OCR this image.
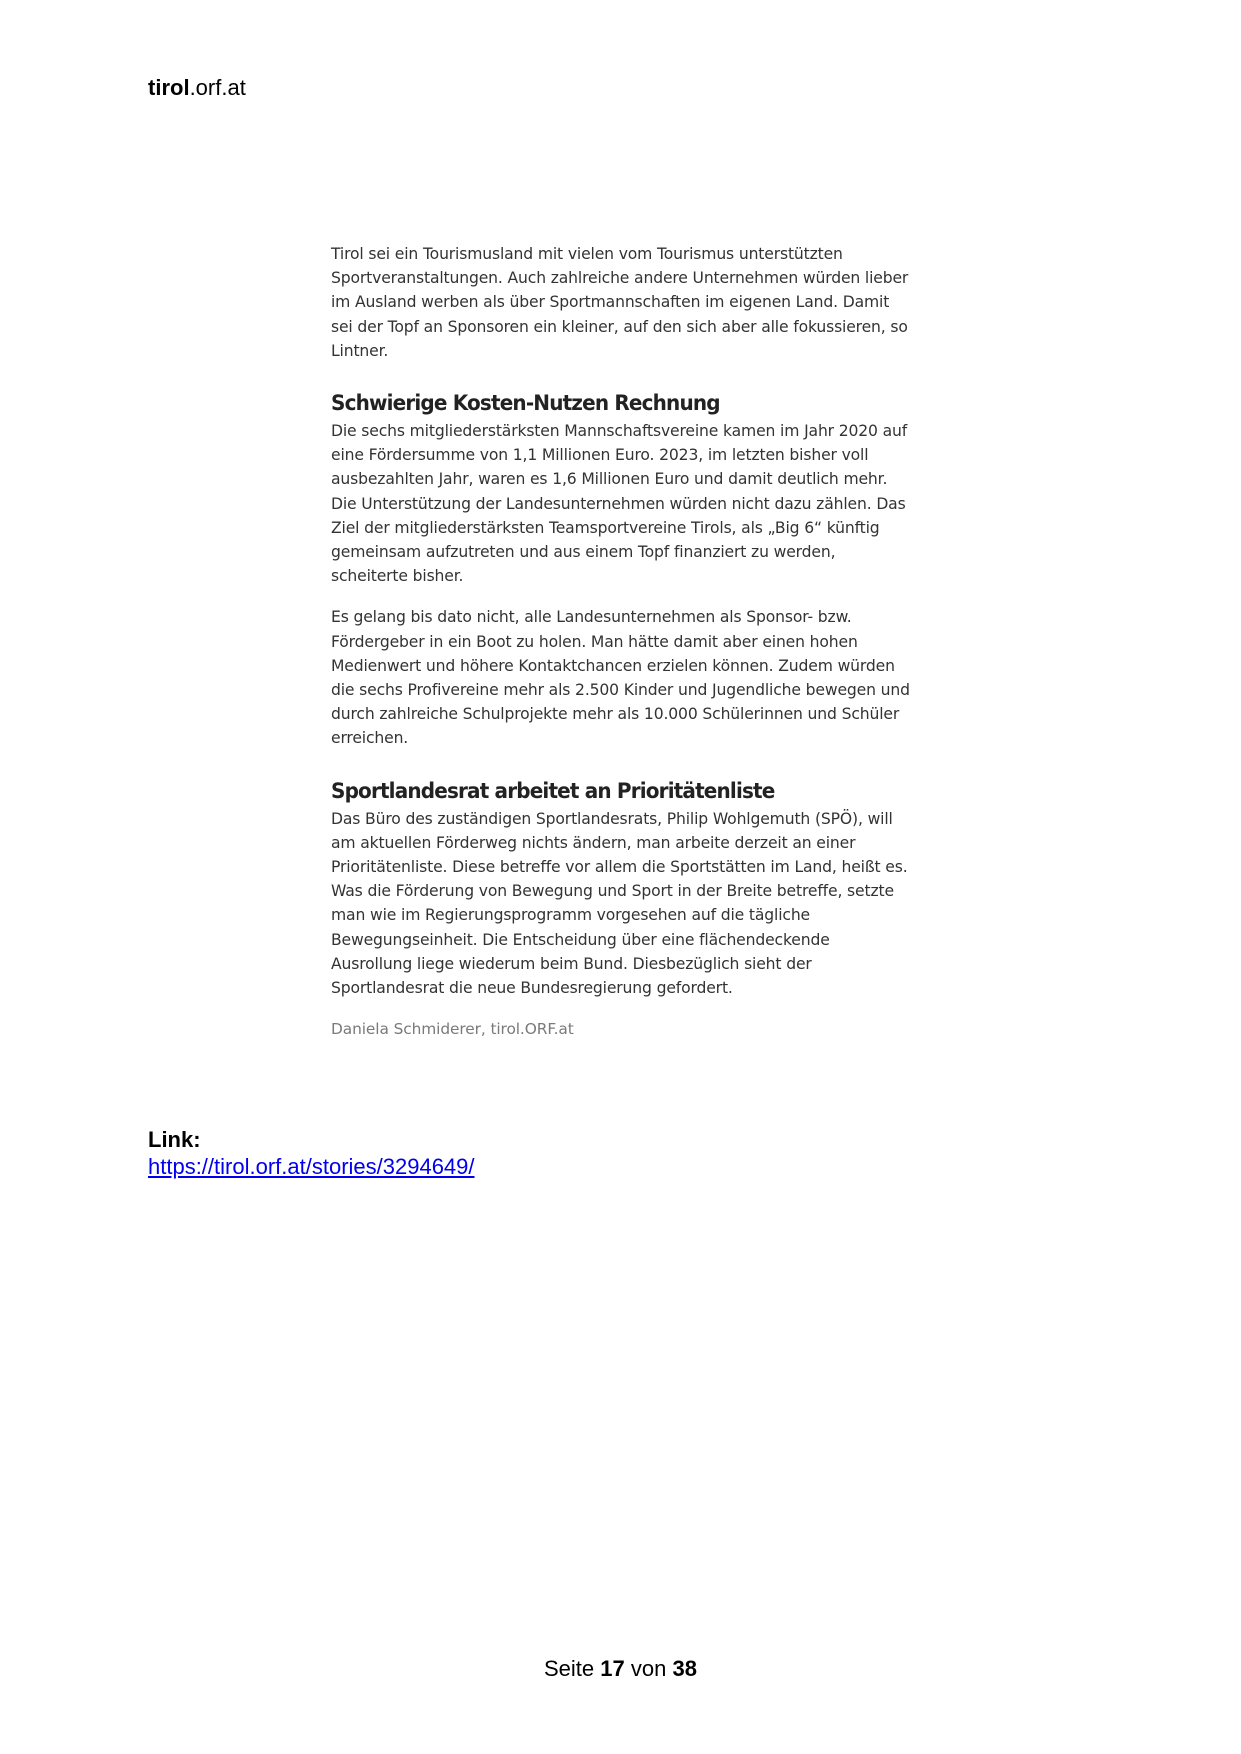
tirol.orf.at

Tirol sei ein Tourismusland mit vielen vom Tourismus unterstützten Sportveranstaltungen. Auch zahlreiche andere Unternehmen würden lieber im Ausland werben als über Sportmannschaften im eigenen Land. Damit sei der Topf an Sponsoren ein kleiner, auf den sich aber alle fokussieren, so Lintner.

Schwierige Kosten-Nutzen Rechnung

Die sechs mitgliederstärksten Mannschaftsvereine kamen im Jahr 2020 auf eine Fördersumme von 1,1 Millionen Euro. 2023, im letzten bisher voll ausbezahlten Jahr, waren es 1,6 Millionen Euro und damit deutlich mehr. Die Unterstützung der Landesunternehmen würden nicht dazu zählen. Das Ziel der mitgliederstärksten Teamsportvereine Tirols, als „Big 6“ künftig gemeinsam aufzutreten und aus einem Topf finanziert zu werden, scheiterte bisher.

Es gelang bis dato nicht, alle Landesunternehmen als Sponsor- bzw. Fördergeber in ein Boot zu holen. Man hätte damit aber einen hohen Medienwert und höhere Kontaktchancen erzielen können. Zudem würden die sechs Profivereine mehr als 2.500 Kinder und Jugendliche bewegen und durch zahlreiche Schulprojekte mehr als 10.000 Schülerinnen und Schüler erreichen.

Sportlandesrat arbeitet an Prioritätenliste

Das Büro des zuständigen Sportlandesrats, Philip Wohlgemuth (SPÖ), will am aktuellen Förderweg nichts ändern, man arbeite derzeit an einer Prioritätenliste. Diese betreffe vor allem die Sportstätten im Land, heißt es. Was die Förderung von Bewegung und Sport in der Breite betreffe, setzte man wie im Regierungsprogramm vorgesehen auf die tägliche Bewegungseinheit. Die Entscheidung über eine flächendeckende Ausrollung liege wiederum beim Bund. Diesbezüglich sieht der Sportlandesrat die neue Bundesregierung gefordert.

Daniela Schmiderer, tirol.ORF.at
Link:
https://tirol.orf.at/stories/3294649/
Seite 17 von 38
